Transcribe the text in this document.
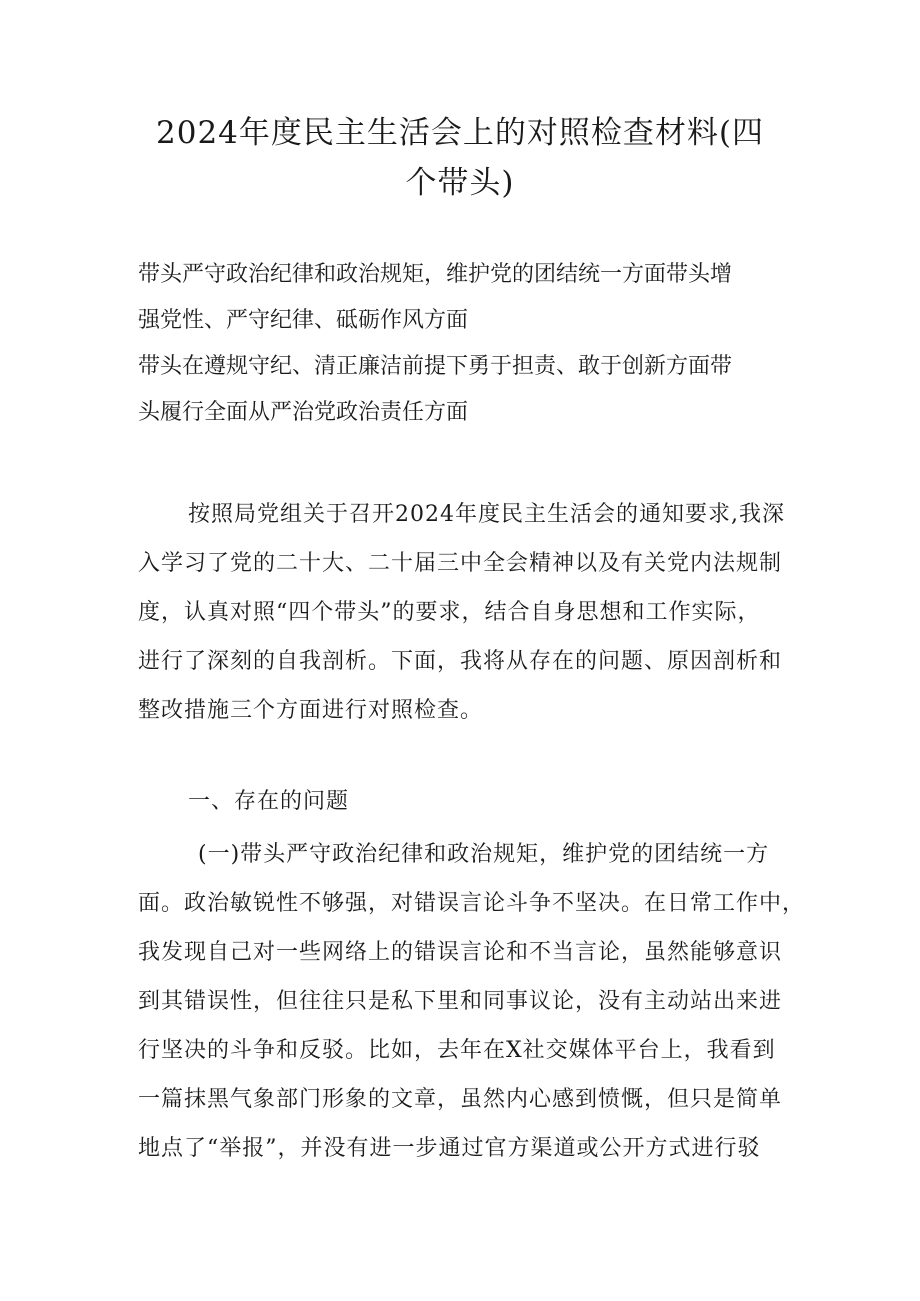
2024年度民主生活会上的对照检查材料(四
个带头)
带头严守政治纪律和政治规矩，维护党的团结统一方面带头增
强党性、严守纪律、砥砺作风方面
带头在遵规守纪、清正廉洁前提下勇于担责、敢于创新方面带
头履行全面从严治党政治责任方面
按照局党组关于召开2024年度民主生活会的通知要求,我深
入学习了党的二十大、二十届三中全会精神以及有关党内法规制
度，认真对照“四个带头”的要求，结合自身思想和工作实际，
进行了深刻的自我剖析。下面，我将从存在的问题、原因剖析和
整改措施三个方面进行对照检查。
一、存在的问题
(一)带头严守政治纪律和政治规矩，维护党的团结统一方
面。政治敏锐性不够强，对错误言论斗争不坚决。在日常工作中，
我发现自己对一些网络上的错误言论和不当言论，虽然能够意识
到其错误性，但往往只是私下里和同事议论，没有主动站出来进
行坚决的斗争和反驳。比如，去年在X社交媒体平台上，我看到
一篇抹黑气象部门形象的文章，虽然内心感到愤慨，但只是简单
地点了“举报”，并没有进一步通过官方渠道或公开方式进行驳
